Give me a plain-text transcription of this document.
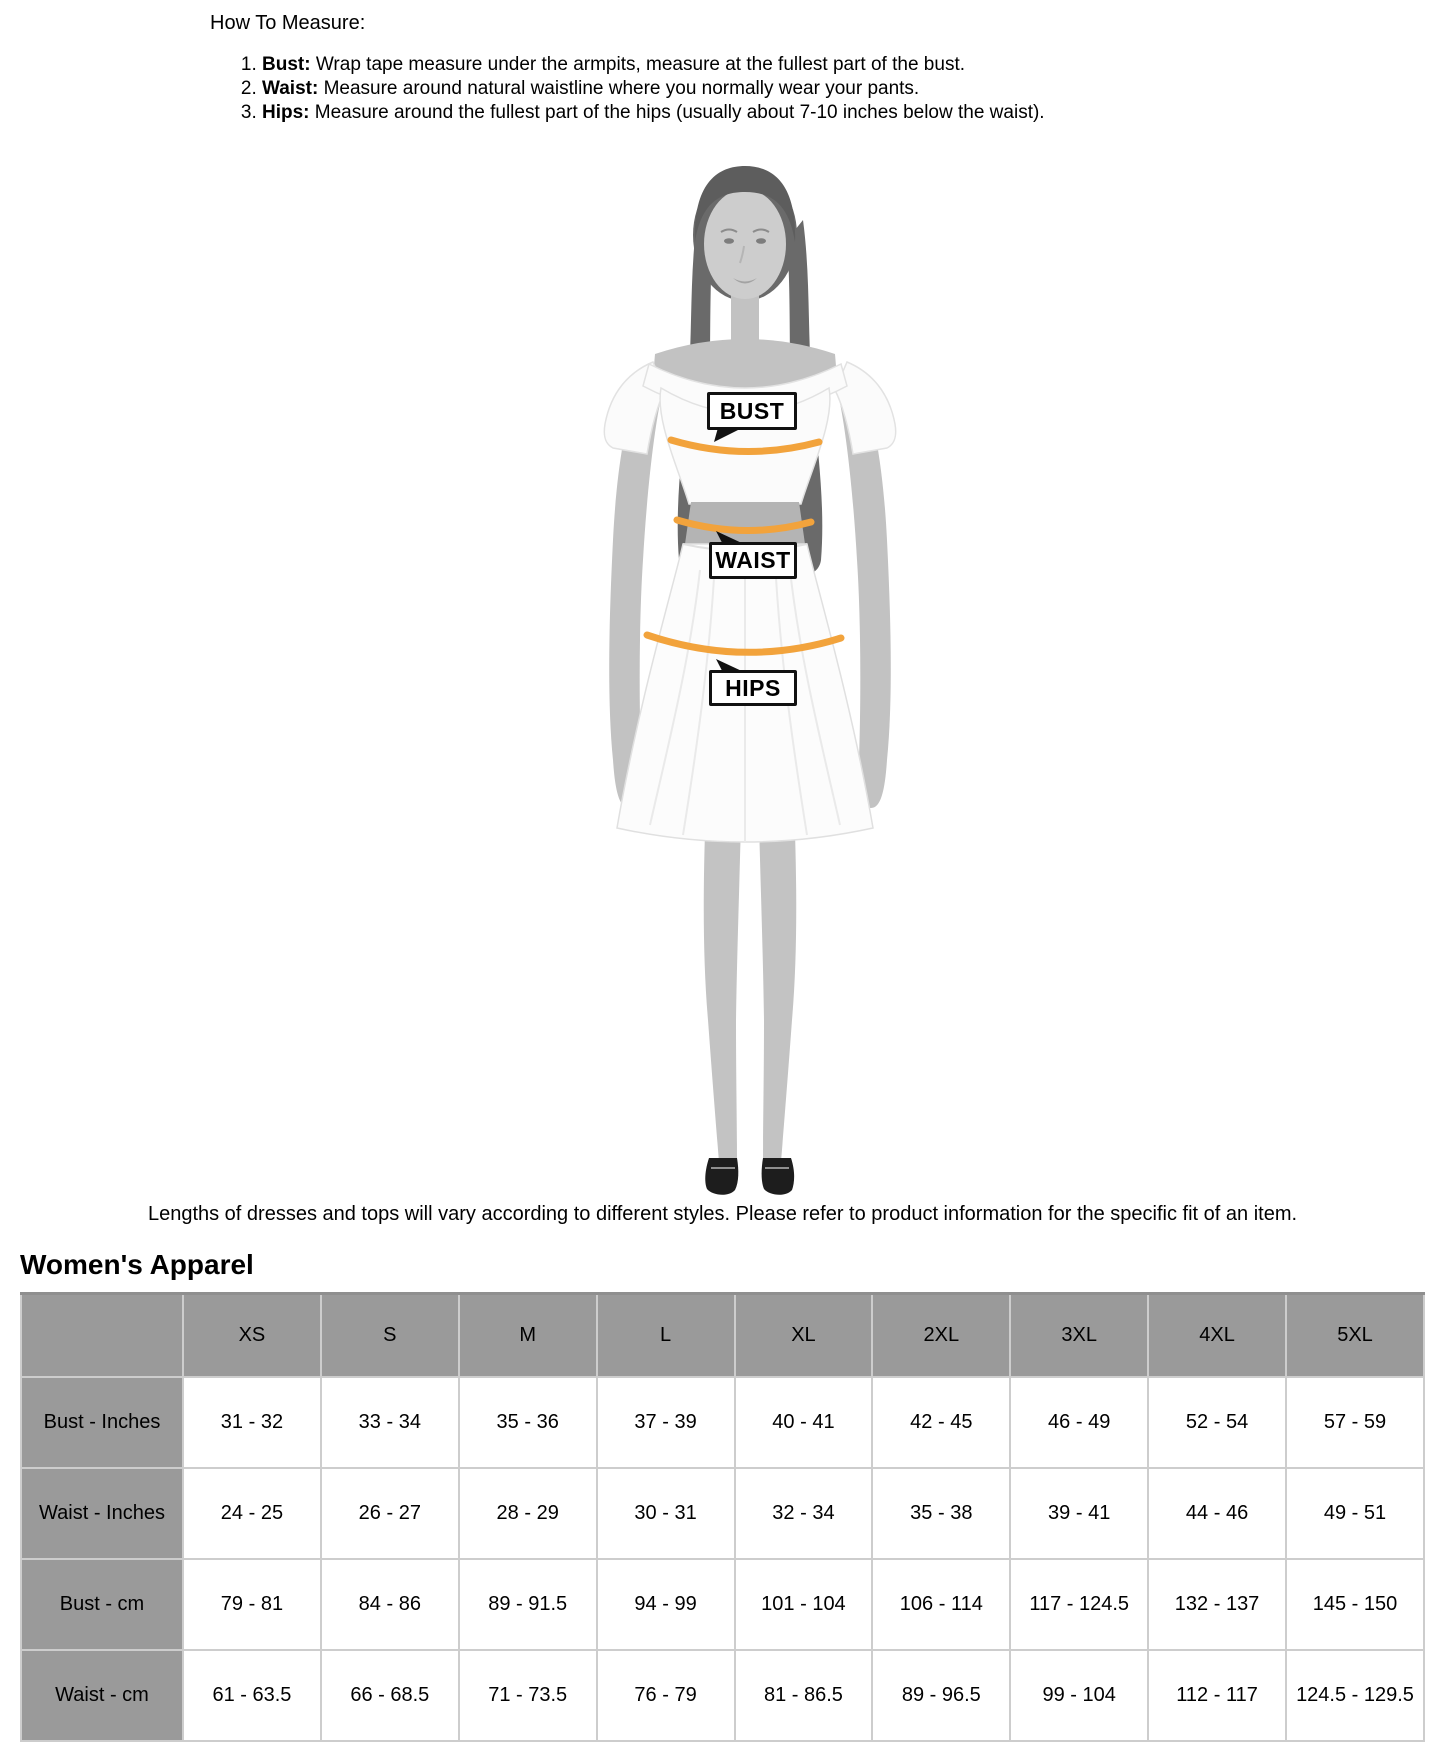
How To Measure:
1. Bust: Wrap tape measure under the armpits, measure at the fullest part of the bust.
2. Waist: Measure around natural waistline where you normally wear your pants.
3. Hips: Measure around the fullest part of the hips (usually about 7-10 inches below the waist).
BUST
WAIST
HIPS

Lengths of dresses and tops will vary according to different styles. Please refer to product information for the specific fit of an item.

Women's Apparel
	XS	S	M	L	XL	2XL	3XL	4XL	5XL
Bust - Inches	31 - 32	33 - 34	35 - 36	37 - 39	40 - 41	42 - 45	46 - 49	52 - 54	57 - 59
Waist - Inches	24 - 25	26 - 27	28 - 29	30 - 31	32 - 34	35 - 38	39 - 41	44 - 46	49 - 51
Bust - cm	79 - 81	84 - 86	89 - 91.5	94 - 99	101 - 104	106 - 114	117 - 124.5	132 - 137	145 - 150
Waist - cm	61 - 63.5	66 - 68.5	71 - 73.5	76 - 79	81 - 86.5	89 - 96.5	99 - 104	112 - 117	124.5 - 129.5
